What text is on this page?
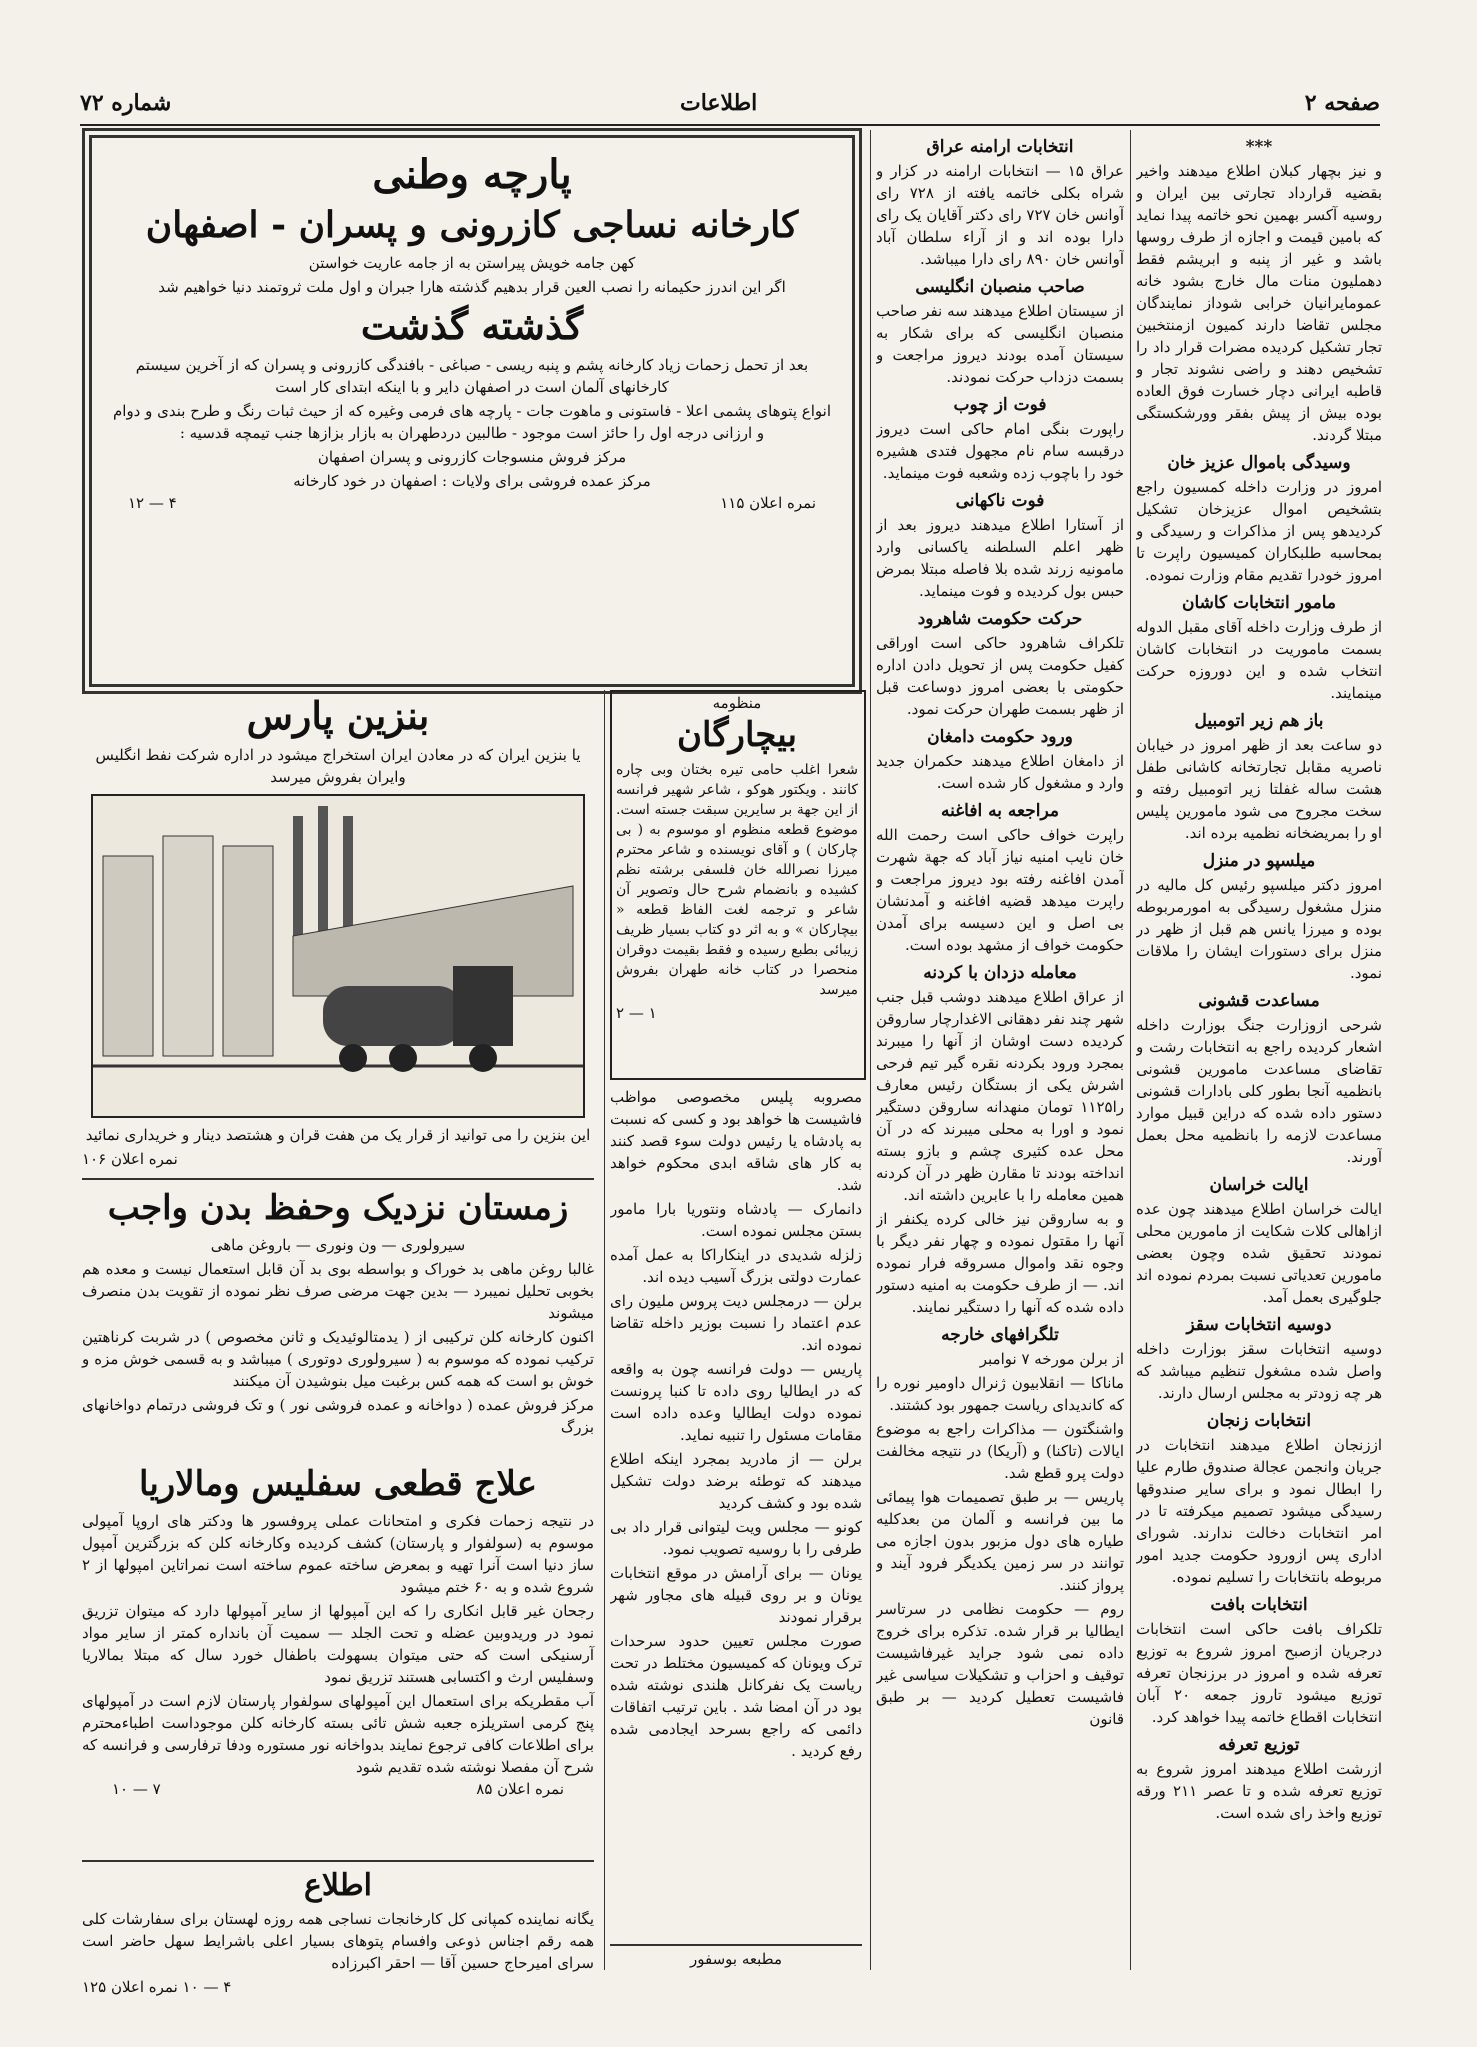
صفحه ۲
اطلاعات
شماره ۷۲
***

و نیز بچهار کبلان اطلاع میدهند واخیر بقضیه قرارداد تجارتی بین ایران و روسیه آکسر بهمین نحو خاتمه پیدا نماید که بامین قیمت و اجازه از طرف روسها باشد و غیر از پنبه و ابریشم فقط دهملیون منات مال خارج بشود خانه عمومایرانیان خرابی شوداز نمایندگان مجلس تقاضا دارند کمیون ازمنتخبین تجار تشکیل کردیده مضرات قرار داد را تشخیص دهند و راضی نشوند تجار و قاطبه ایرانی دچار خسارت فوق العاده بوده بیش از پیش بفقر وورشکستگی مبتلا گردند.

وسیدگی باموال عزیز خان

امروز در وزارت داخله کمسیون راجع بتشخیص اموال عزیزخان تشکیل کردیدهو پس از مذاکرات و رسیدگی و بمحاسبه طلبکاران کمیسیون راپرت تا امروز خودرا تقدیم مقام وزارت نموده.

مامور انتخابات کاشان

از طرف وزارت داخله آقای مقبل الدوله بسمت ماموریت در انتخابات کاشان انتخاب شده و این دوروزه حرکت مینمایند.

باز هم زیر اتومبیل

دو ساعت بعد از ظهر امروز در خیابان ناصریه مقابل تجارتخانه کاشانی طفل هشت ساله غفلتا زیر اتومبیل رفته و سخت مجروح می شود مامورین پلیس او را بمریضخانه نظمیه برده اند.

میلسپو در منزل

امروز دکتر میلسپو رئیس کل مالیه در منزل مشغول رسیدگی به امورمربوطه بوده و میرزا یانس هم قبل از ظهر در منزل برای دستورات ایشان را ملاقات نمود.

مساعدت قشونی

شرحی ازوزارت جنگ بوزارت داخله اشعار کردیده راجع به انتخابات رشت و تقاضای مساعدت مامورین قشونی بانظمیه آنجا بطور کلی بادارات قشونی دستور داده شده که دراین قبیل موارد مساعدت لازمه را بانظمیه محل بعمل آورند.

ایالت خراسان

ایالت خراسان اطلاع میدهند چون عده ازاهالی کلات شکایت از مامورین محلی نمودند تحقیق شده وچون بعضی مامورین تعدیاتی نسبت بمردم نموده اند جلوگیری بعمل آمد.

دوسیه انتخابات سقز

دوسیه انتخابات سقز بوزارت داخله واصل شده مشغول تنظیم میباشد که هر چه زودتر به مجلس ارسال دارند.

انتخابات زنجان

اززنجان اطلاع میدهند انتخابات در جریان وانجمن عجالة صندوق طارم علیا را ابطال نمود و برای سایر صندوقها رسیدگی میشود تصمیم میکرفته تا در امر انتخابات دخالت ندارند. شورای اداری پس ازورود حکومت جدید امور مربوطه بانتخابات را تسلیم نموده.

انتخابات بافت

تلکراف بافت حاکی است انتخابات درجریان ازصبح امروز شروع به توزیع تعرفه شده و امروز در برزنجان تعرفه توزیع میشود تاروز جمعه ۲۰ آبان انتخابات اقطاع خاتمه پیدا خواهد کرد.

توزیع تعرفه

ازرشت اطلاع میدهند امروز شروع به توزیع تعرفه شده و تا عصر ۲۱۱ ورقه توزیع واخذ رای شده است.

انتخابات ارامنه عراق

عراق ۱۵ — انتخابات ارامنه در کزار و شراه بکلی خاتمه یافته از ۷۲۸ رای آوانس خان ۷۲۷ رای دکتر آقایان یک رای دارا بوده اند و از آراء سلطان آباد آوانس خان ۸۹۰ رای دارا میباشد.

صاحب منصبان انگلیسی

از سیستان اطلاع میدهند سه نفر صاحب منصبان انگلیسی که برای شکار به سیستان آمده بودند دیروز مراجعت و بسمت دزداب حرکت نمودند.

فوت از چوب

راپورت بنگی امام حاکی است دیروز درقبسه سام نام مجهول فتدی هشیره خود را باچوب زده وشعبه فوت مینماید.

فوت ناکهانی

از آستارا اطلاع میدهند دیروز بعد از ظهر اعلم السلطنه یاکسانی وارد مامونیه زرند شده بلا فاصله مبتلا بمرض حبس بول کردیده و فوت مینماید.

حرکت حکومت شاهرود

تلکراف شاهرود حاکی است اوراقی کفیل حکومت پس از تحویل دادن اداره حکومتی با بعضی امروز دوساعت قبل از ظهر بسمت طهران حرکت نمود.

ورود حکومت دامغان

از دامغان اطلاع میدهند حکمران جدید وارد و مشغول کار شده است.

مراجعه به افاغنه

راپرت خواف حاکی است رحمت الله خان نایب امنیه نیاز آباد که جهة شهرت آمدن افاغنه رفته بود دیروز مراجعت و راپرت میدهد قضیه افاغنه و آمدنشان بی اصل و این دسیسه برای آمدن حکومت خواف از مشهد بوده است.

معامله دزدان با کردنه

از عراق اطلاع میدهند دوشب قبل جنب شهر چند نفر دهقانی الاغدارچار ساروقن کردیده دست اوشان از آنها را میبرند بمجرد ورود بکردنه نقره گیر تیم فرحی اشرش یکی از بستگان رئیس معارف را۱۱۲۵ تومان منهدانه ساروقن دستگیر نمود و اورا به محلی میبرند که در آن محل عده کثیری چشم و بازو بسته انداخته بودند تا مقارن ظهر در آن کردنه همین معامله را با عابرین داشته اند.

و به ساروقن نیز خالی کرده یکنفر از آنها را مقتول نموده و چهار نفر دیگر با وجوه نقد واموال مسروقه فرار نموده اند. — از طرف حکومت به امنیه دستور داده شده که آنها را دستگیر نمایند.

تلگرافهای خارجه

از برلن مورخه ۷ نوامبر

ماناکا — انقلابیون ژنرال داومیر نوره را که کاندیدای ریاست جمهور بود کشتند.

واشنگتون — مذاکرات راجع به موضوع ایالات (تاکنا) و (آریکا) در نتیجه مخالفت دولت پرو قطع شد.

پاریس — بر طبق تصمیمات هوا پیمائی ما بین فرانسه و آلمان من بعدکلیه طیاره های دول مزبور بدون اجازه می توانند در سر زمین یکدیگر فرود آیند و پرواز کنند.

روم — حکومت نظامی در سرتاسر ایطالیا بر قرار شده. تذکره برای خروج داده نمی شود جراید غیرفاشیست توقیف و احزاب و تشکیلات سیاسی غیر فاشیست تعطیل کردید — بر طبق قانون

پارچه وطنی
کارخانه نساجی کازرونی و پسران - اصفهان

کهن جامه خویش پیراستن به از جامه عاریت خواستن

اگر این اندرز حکیمانه را نصب العین قرار بدهیم گذشته هارا جبران و اول ملت ثروتمند دنیا خواهیم شد

گذشته گذشت

بعد از تحمل زحمات زیاد کارخانه پشم و پنبه ریسی - صباغی - بافندگی کازرونی و پسران که از آخرین سیستم کارخانهای آلمان است در اصفهان دایر و با اینکه ابتدای کار است

انواع پتوهای پشمی اعلا - فاستونی و ماهوت جات - پارچه های فرمی وغیره که از حیث ثبات رنگ و طرح بندی و دوام و ارزانی درجه اول را حائز است موجود - طالبین دردطهران به بازار بزازها جنب تیمچه قدسیه :

مرکز فروش منسوجات کازرونی و پسران اصفهان

مرکز عمده فروشی برای ولایات : اصفهان در خود کارخانه

نمره اعلان ۱۱۵
۴ — ۱۲
بنزین پارس

یا بنزین ایران که در معادن ایران استخراج میشود در اداره شرکت نفط انگلیس وایران بفروش میرسد

این بنزین را می توانید از قرار یک من هفت قران و هشتصد دینار و خریداری نمائید

نمره اعلان ۱۰۶

زمستان نزدیک وحفظ بدن واجب

سیرولوری — ون ونوری — باروغن ماهی

غالبا روغن ماهی بد خوراک و بواسطه بوی بد آن قابل استعمال نیست و معده هم بخوبی تحلیل نمیبرد — بدین جهت مرضی صرف نظر نموده از تقویت بدن منصرف میشوند

اکنون کارخانه کلن ترکیبی از ( یدمتالوئیدیک و ثانن مخصوص ) در شربت کرناهتین ترکیب نموده که موسوم به ( سیرولوری دوتوری ) میباشد و به قسمی خوش مزه و خوش بو است که همه کس برغبت میل بنوشیدن آن میکنند

مرکز فروش عمده ( دواخانه و عمده فروشی نور ) و تک فروشی درتمام دواخانهای بزرگ

علاج قطعی سفلیس ومالاریا

در نتیجه زحمات فکری و امتحانات عملی پروفسور ها ودکتر های اروپا آمپولی موسوم به (سولفوار و پارستان) کشف کردیده وکارخانه کلن که بزرگترین آمپول ساز دنیا است آنرا تهیه و بمعرض ساخته عموم ساخته است نمراتاین امپولها از ۲ شروع شده و به ۶۰ ختم میشود

رجحان غیر قابل انکاری را که این آمپولها از سایر آمپولها دارد که میتوان تزریق نمود در وریدوبین عضله و تحت الجلد — سمیت آن بانداره کمتر از سایر مواد آرسنیکی است که حتی میتوان بسهولت باطفال خورد سال که مبتلا بمالاریا وسفلیس ارث و اکتسابی هستند تزریق نمود

آب مقطریکه برای استعمال این آمپولهای سولفوار پارستان لازم است در آمپولهای پنج کرمی استریلزه جعبه شش تائی بسته کارخانه کلن موجوداست اطباءمحترم برای اطلاعات کافی ترجوع نمایند بدواخانه نور مستوره ودفا ترفارسی و فرانسه که شرح آن مفصلا نوشته شده تقدیم شود

نمره اعلان ۸۵
۷ — ۱۰
اطلاع

یگانه نماینده کمپانی کل کارخانجات نساجی همه روزه لهستان برای سفارشات کلی همه رقم اجناس ذوعی وافسام پتوهای بسیار اعلی باشرایط سهل حاضر است سرای امیرحاج حسین آقا — احقر اکبرزاده

۴ — ۱۰ نمره اعلان ۱۲۵

منظومه
بیچارگان

شعرا اغلب حامی تیره بختان وبی چاره کانند . ویکتور هوکو ، شاعر شهیر فرانسه از این جهة بر سایرین سبقت جسته است. موضوع قطعه منظوم او موسوم به ( بی چارکان ) و آقای نویسنده و شاعر محترم میرزا نصرالله خان فلسفی برشته نظم کشیده و بانضمام شرح حال وتصویر آن شاعر و ترجمه لغت الفاظ قطعه « بیچارکان » و به اثر دو کتاب بسیار ظریف زیبائی بطبع رسیده و فقط بقیمت دوقران منحصرا در کتاب خانه طهران بفروش میرسد

۱ — ۲

مصروبه پلیس مخصوصی مواظب فاشیست ها خواهد بود و کسی که نسبت به پادشاه یا رئیس دولت سوء قصد کنند به کار های شاقه ابدی محکوم خواهد شد.

دانمارک — پادشاه ونتوریا بارا مامور بستن مجلس نموده است.

زلزله شدیدی در اینکاراکا به عمل آمده عمارت دولتی بزرگ آسیب دیده اند.

برلن — درمجلس دیت پروس مليون رای عدم اعتماد را نسبت بوزیر داخله تقاضا نموده اند.

پاریس — دولت فرانسه چون به واقعه که در ایطالیا روی داده تا کنبا پرونست نموده دولت ایطالیا وعده داده است مقامات مسئول را تنبیه نماید.

برلن — از مادرید بمجرد اینکه اطلاع میدهند که توطئه برضد دولت تشکیل شده بود و کشف کردید

کونو — مجلس ویت لیتوانی قرار داد بی طرفی را با روسیه تصویب نمود.

یونان — برای آرامش در موقع انتخابات یونان و بر روی قبیله های مجاور شهر برقرار نمودند

صورت مجلس تعیین حدود سرحدات ترک ویونان که کمیسیون مختلط در تحت ریاست یک نفرکانل هلندی نوشته شده بود در آن امضا شد . باین ترتیب اتفاقات دائمی که راجع بسرحد ایجادمی شده رفع کردید .

مطبعه بوسفور
